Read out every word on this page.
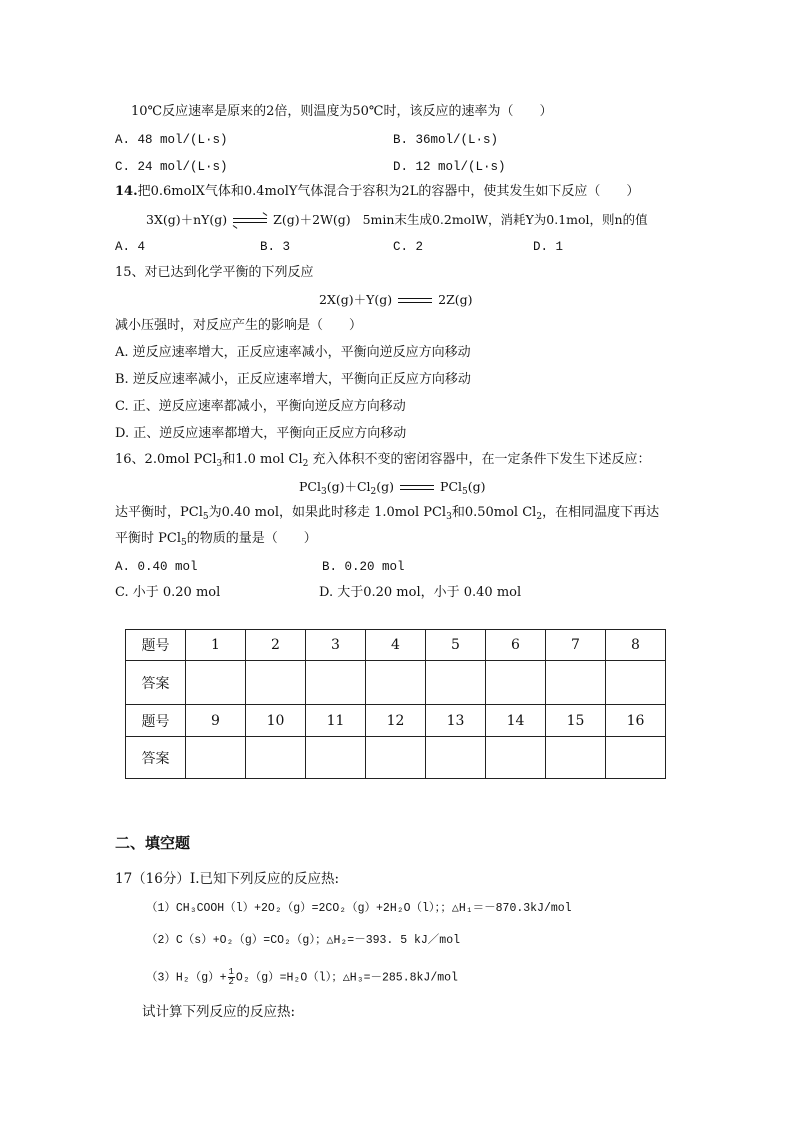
10℃反应速率是原来的2倍，则温度为50℃时，该反应的速率为（　　）
A. 48 mol/(L·s)	B. 36mol/(L·s)
C. 24 mol/(L·s)	D. 12 mol/(L·s)
14.把0.6molX气体和0.4molY气体混合于容积为2L的容器中，使其发生如下反应（　　）
3X(g)＋nY(g) ⇌ Z(g)＋2W(g) 5min末生成0.2molW，消耗Y为0.1mol，则n的值
A. 4	B. 3	C. 2	D. 1
15、对已达到化学平衡的下列反应
2X(g)＋Y(g)	2Z(g)
减小压强时，对反应产生的影响是（　　）
A. 逆反应速率增大，正反应速率减小，平衡向逆反应方向移动
B. 逆反应速率减小，正反应速率增大，平衡向正反应方向移动
C. 正、逆反应速率都减小，平衡向逆反应方向移动
D. 正、逆反应速率都增大，平衡向正反应方向移动
16、2.0mol PCl$_3$和1.0 mol $Cl_2$ 充入体积不变的密闭容器中，在一定条件下发生下述反应：
$PCl_3(g)+Cl_2(g)$	PCl$_5$(g)
达平衡时，PCl$_5$为0.40 mol，如果此时移走 1.0mol PCl$_3$和0.50mol $Cl_2$，在相同温度下再达
平衡时 PCl$_5$的物质的量是（　　）
A. 0.40 mol	B. 0.20 mol
C. 小于 0.20 mol	D. 大于0.20 mol，小于 0.40 mol
题号	1	2	3	4	5	6	7	8
答案								
题号	9	10	11	12	13	14	15	16
答案								
二、填空题
17（16分）Ⅰ.已知下列反应的反应热:
（1）CH₃COOH（l）+2O₂（g）=2CO₂（g）+2H₂O（l）；；△H₁＝－870.3kJ/mol
（2）C（s）+O₂（g）=CO₂（g）；△H₂=－393. 5 kJ／mol
$(3)H_2(g)+ \frac{1}{2} O_2(g)=H_2O(l)$；△H₃=－285.8kJ/mol
试计算下列反应的反应热:
